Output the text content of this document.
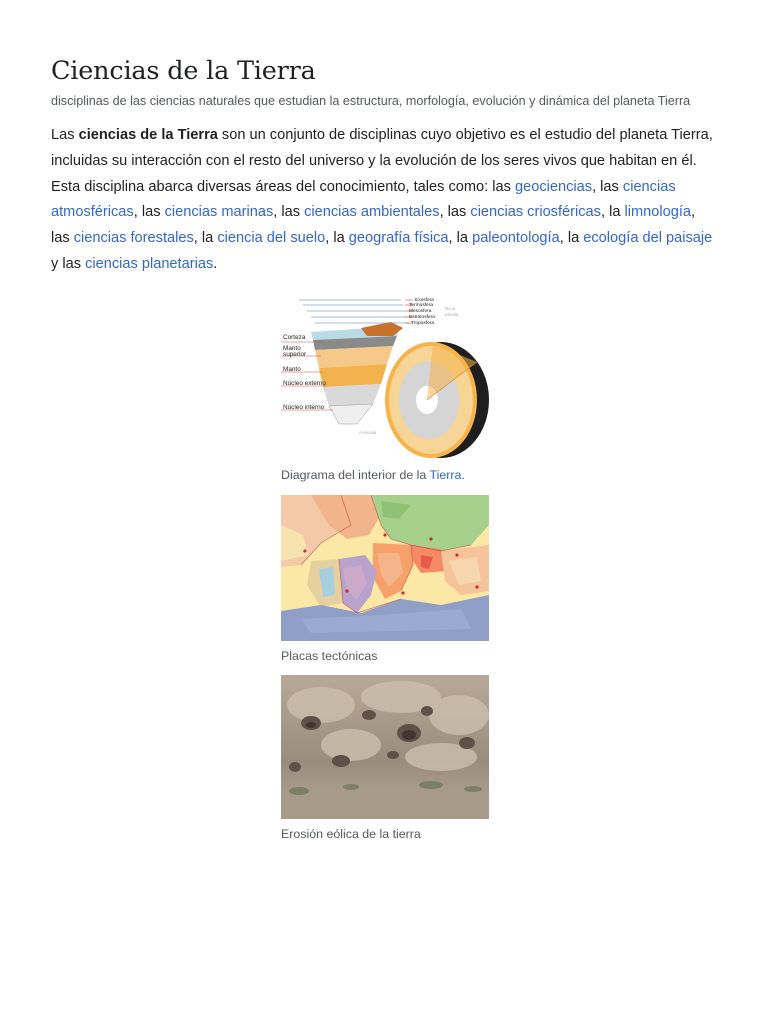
Ciencias de la Tierra
disciplinas de las ciencias naturales que estudian la estructura, morfología, evolución y dinámica del planeta Tierra

Las ciencias de la Tierra son un conjunto de disciplinas cuyo objetivo es el estudio del planeta Tierra, incluidas su interacción con el resto del universo y la evolución de los seres vivos que habitan en él. Esta disciplina abarca diversas áreas del conocimiento, tales como: las geociencias, las ciencias atmosféricas, las ciencias marinas, las ciencias ambientales, las ciencias criosféricas, la limnología, las ciencias forestales, la ciencia del suelo, la geografía física, la paleontología, la ecología del paisaje y las ciencias planetarias.

Corteza
Manto
superior
Manto
Núcleo externo
Núcleo interno
Exosfera
Termosfera
Mesosfera
Estratosfera
Troposfera
No a
escala
A escala
Diagrama del interior de la Tierra.
Placas tectónicas
Erosión eólica de la tierra
